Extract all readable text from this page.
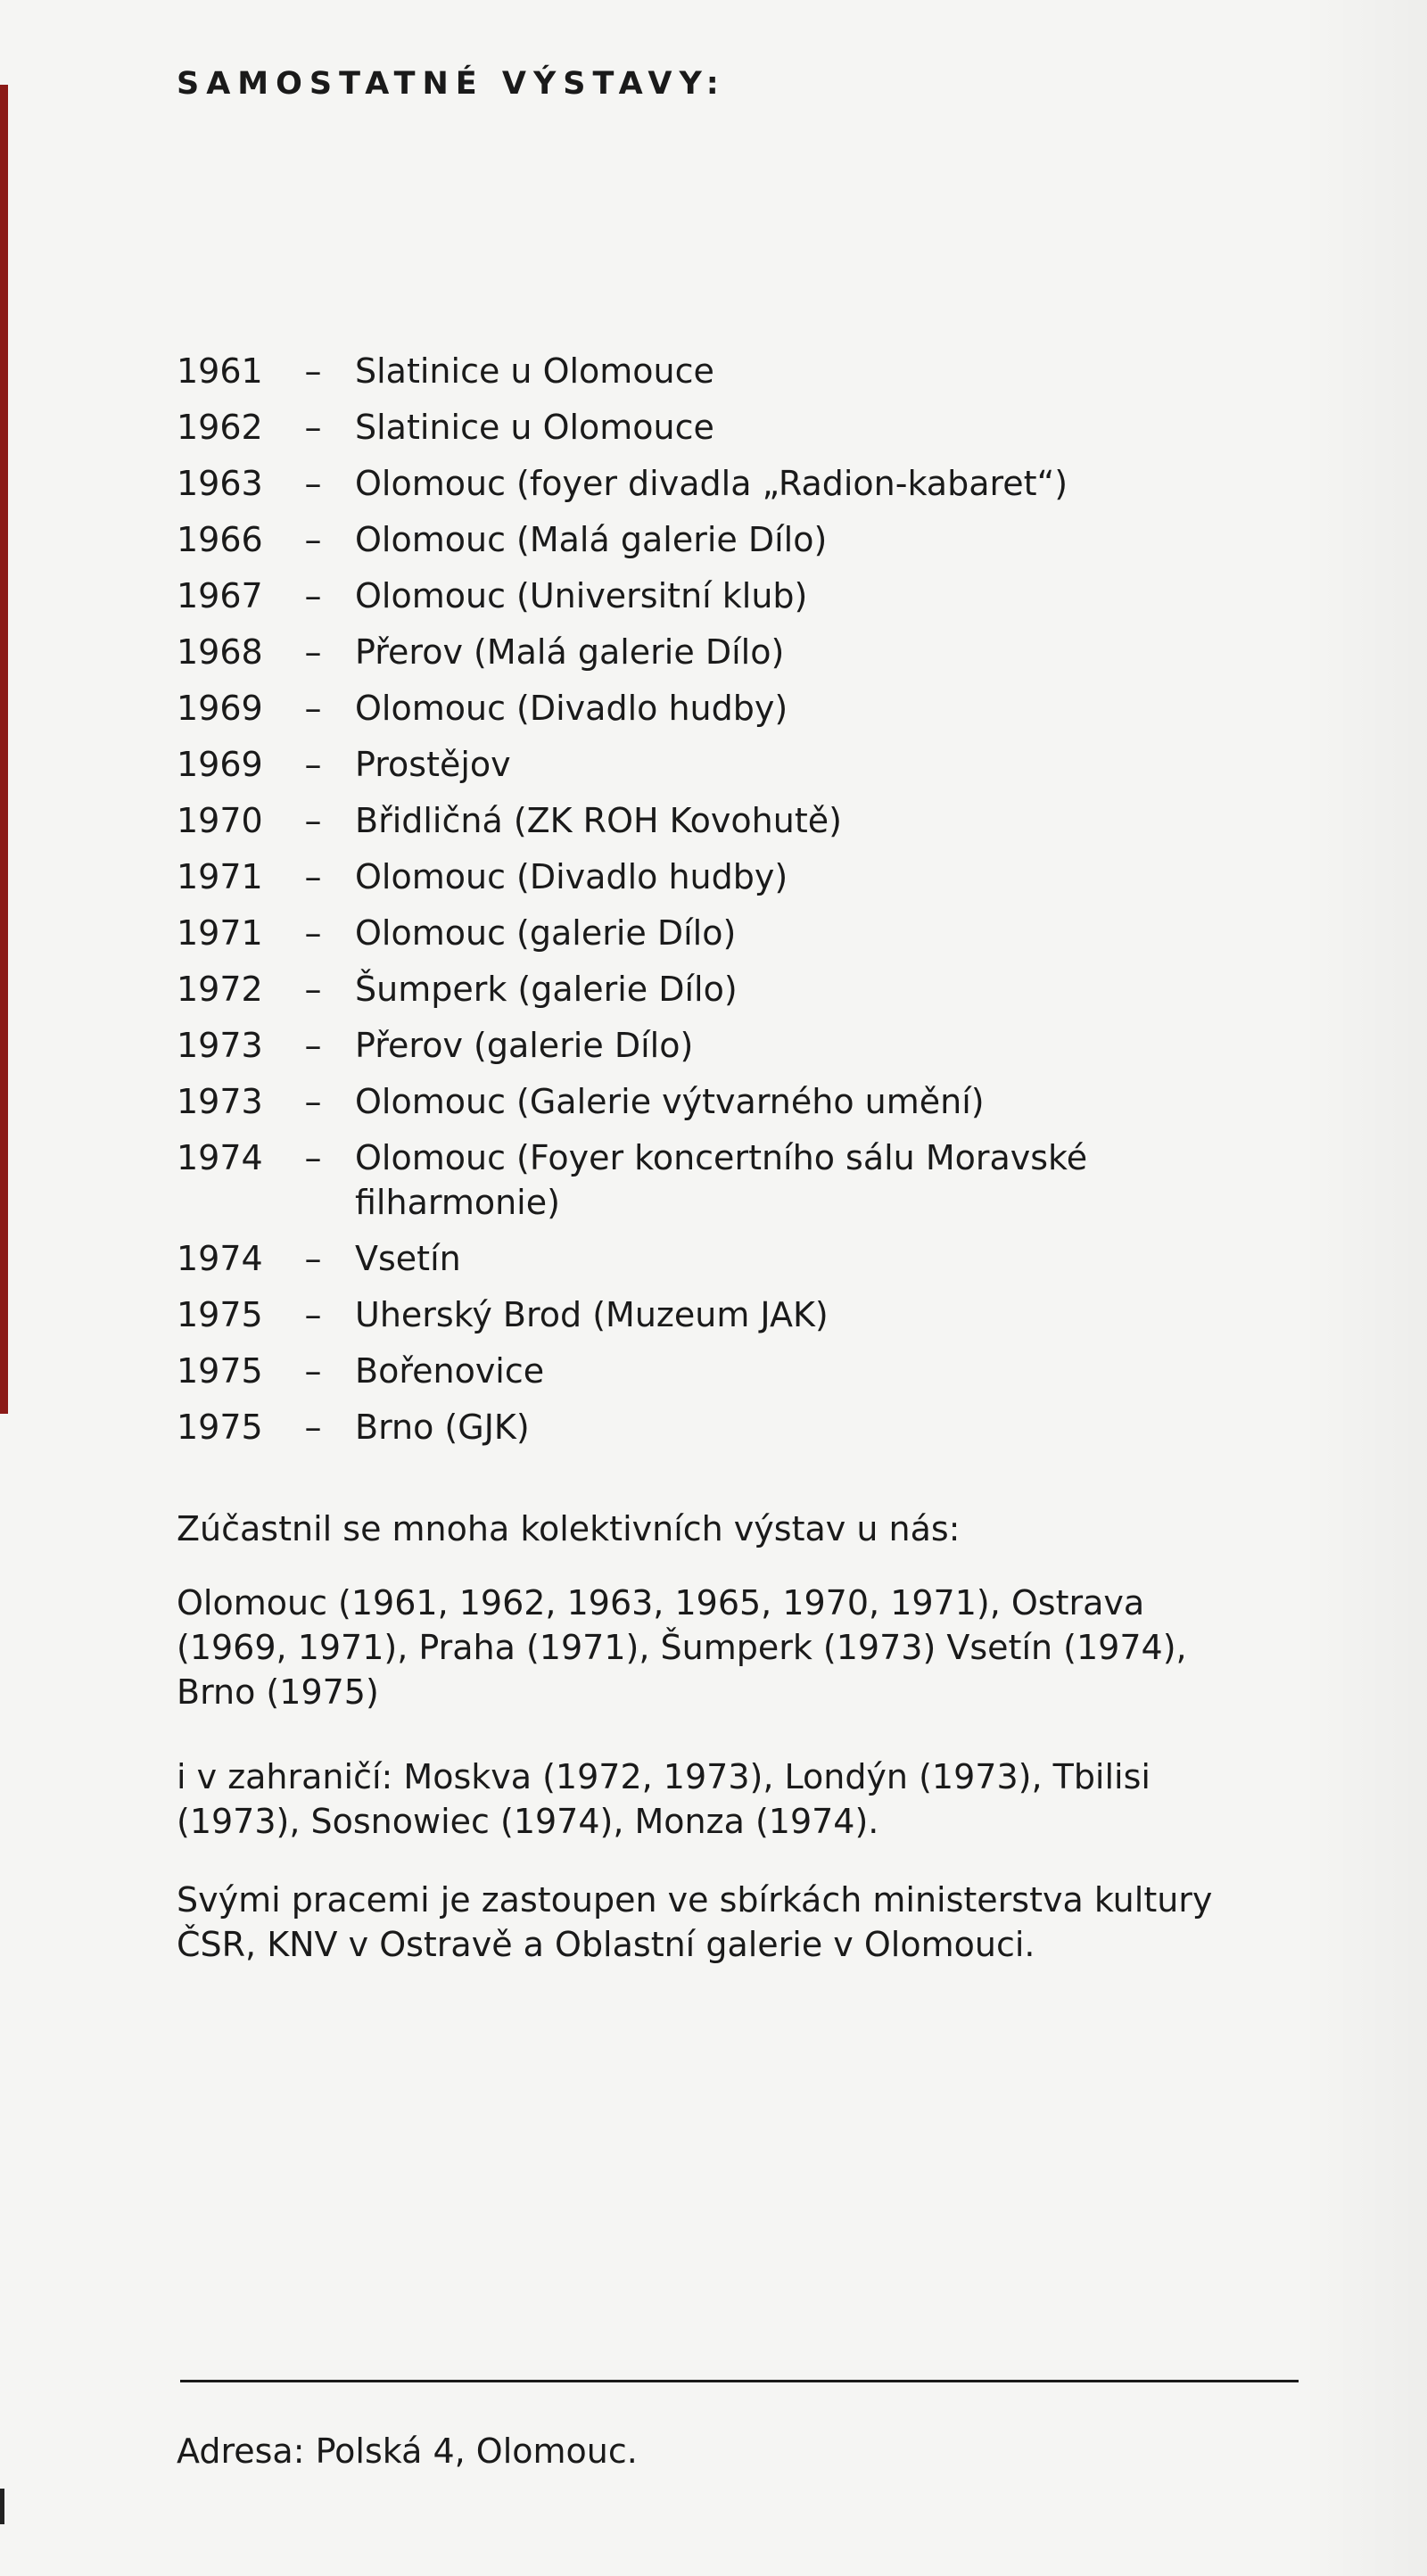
SAMOSTATNÉ VÝSTAVY:
1961	– Slatinice u Olomouce
1962	– Slatinice u Olomouce
1963	– Olomouc (foyer divadla „Radion-kabaret“)
1966	– Olomouc (Malá galerie Dílo)
1967	– Olomouc (Universitní klub)
1968	– Přerov (Malá galerie Dílo)
1969	– Olomouc (Divadlo hudby)
1969	– Prostějov
1970	– Břidličná (ZK ROH Kovohutě)
1971	– Olomouc (Divadlo hudby)
1971	– Olomouc (galerie Dílo)
1972	– Šumperk (galerie Dílo)
1973	– Přerov (galerie Dílo)
1973	– Olomouc (Galerie výtvarného umění)
1974	– Olomouc (Foyer koncertního sálu Moravské filharmonie)
1974	– Vsetín
1975	– Uherský Brod (Muzeum JAK)
1975	– Bořenovice
1975	– Brno (GJK)

Zúčastnil se mnoha kolektivních výstav u nás:

Olomouc (1961, 1962, 1963, 1965, 1970, 1971), Ostrava (1969, 1971), Praha (1971), Šumperk (1973) Vsetín (1974), Brno (1975)

i v zahraničí: Moskva (1972, 1973), Londýn (1973), Tbilisi (1973), Sosnowiec (1974), Monza (1974).

Svými pracemi je zastoupen ve sbírkách ministerstva kultury ČSR, KNV v Ostravě a Oblastní galerie v Olomouci.

Adresa: Polská 4, Olomouc.
